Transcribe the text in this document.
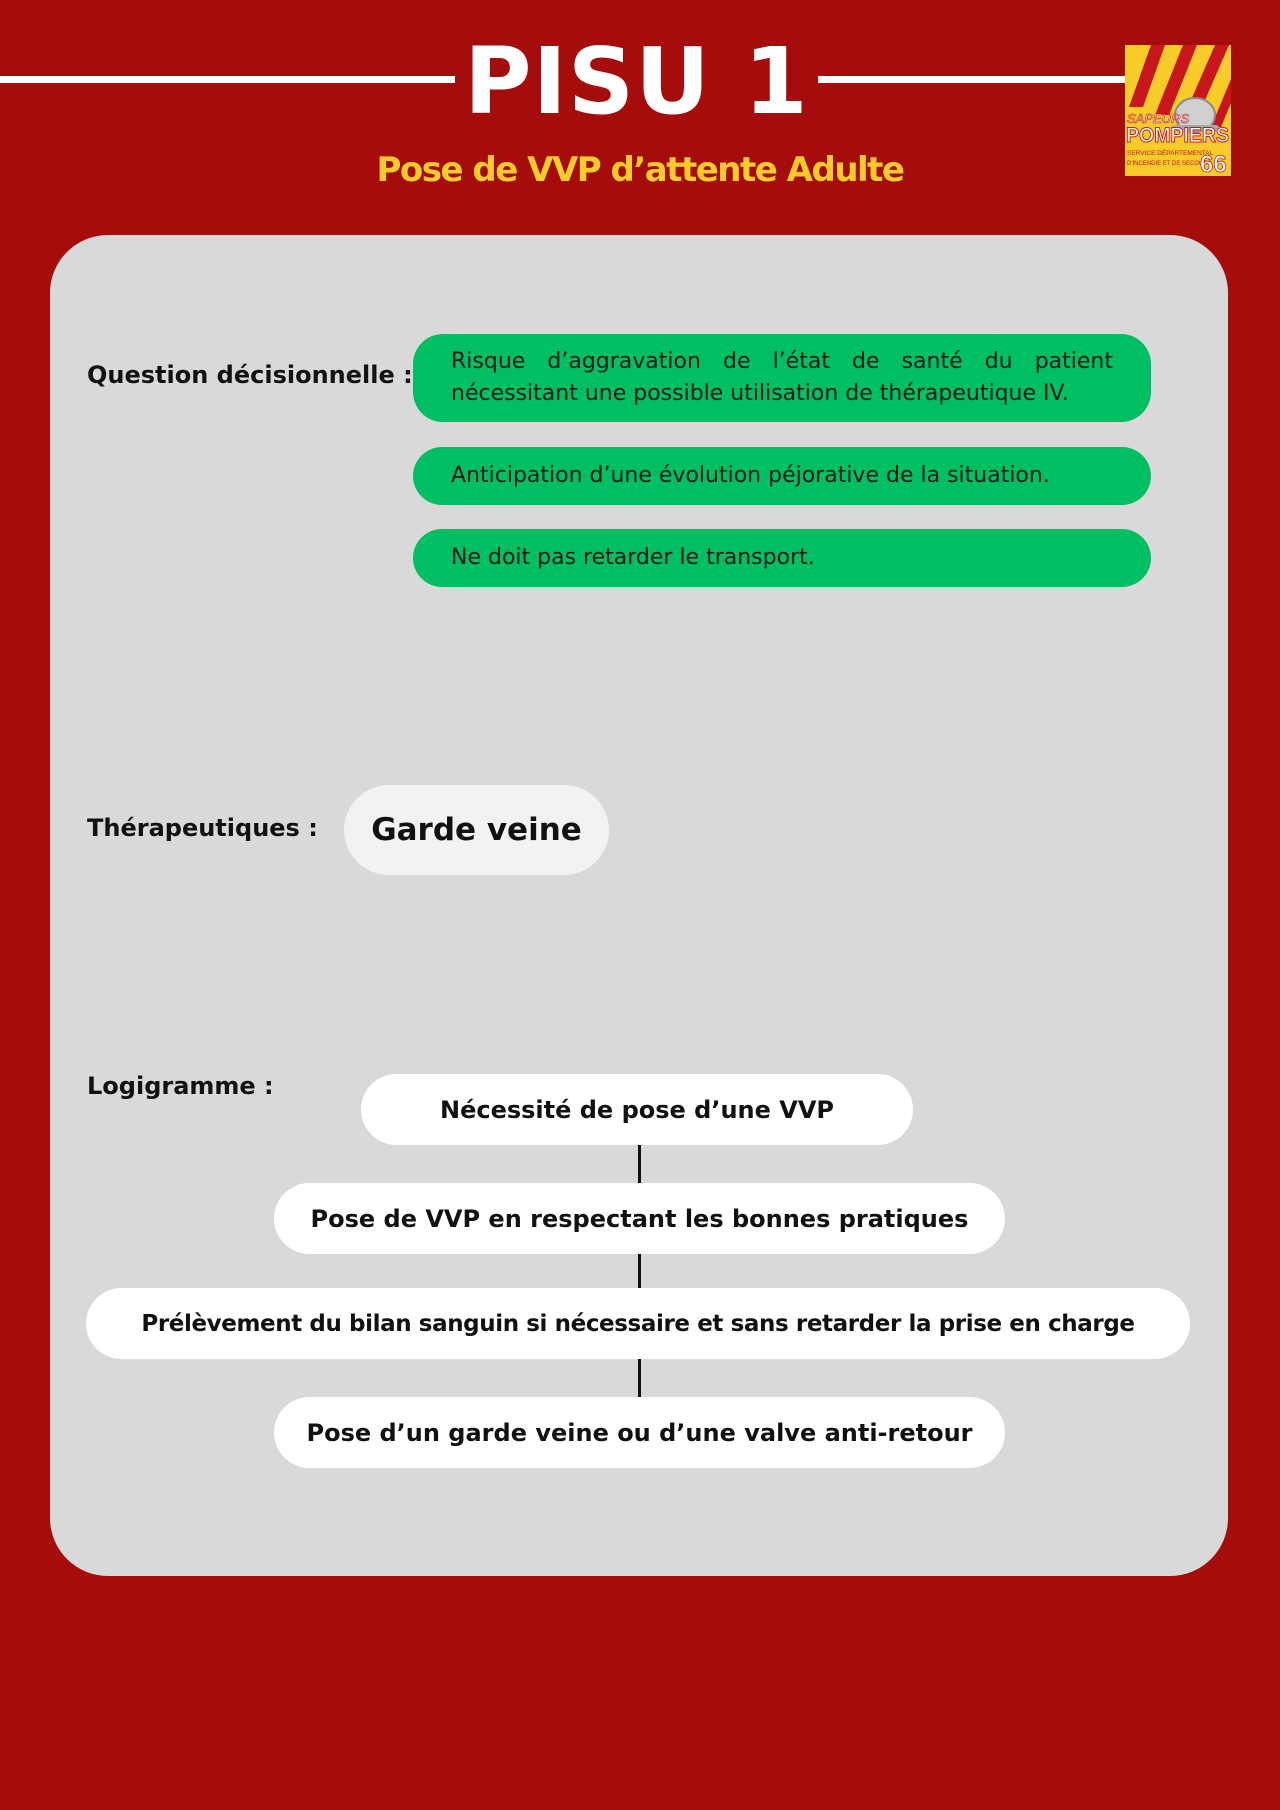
PISU 1
Pose de VVP d’attente Adulte
SAPEURS
POMPIERS
SERVICE DÉPARTEMENTAL
D'INCENDIE ET DE SECOURS
66
Question décisionnelle : Risque d’aggravation de l’état de santé du patient nécessitant une possible utilisation de thérapeutique IV.
Anticipation d’une évolution péjorative de la situation.
Ne doit pas retarder le transport.
Thérapeutiques :	Garde veine
Logigramme :
Nécessité de pose d’une VVP
Pose de VVP en respectant les bonnes pratiques
Prélèvement du bilan sanguin si nécessaire et sans retarder la prise en charge
Pose d’un garde veine ou d’une valve anti-retour
